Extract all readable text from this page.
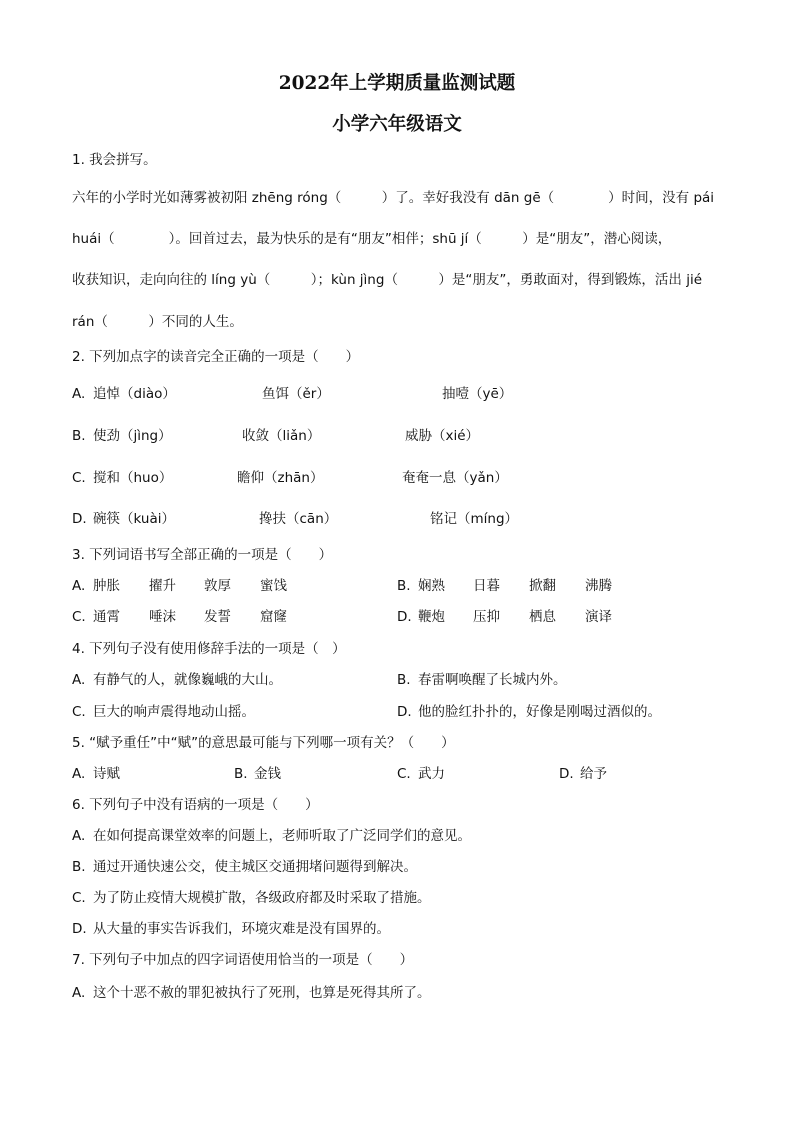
2022年上学期质量监测试题
小学六年级语文
1. 我会拼写。
六年的小学时光如薄雾被初阳 zhēng róng（　　　）了。幸好我没有 dān gē（　　　　）时间，没有 pái
huái（　　　　）。回首过去，最为快乐的是有“朋友”相伴；shū jí（　　　）是“朋友”，潜心阅读，
收获知识，走向向往的 líng yù（　　　）；kùn jìng（　　　）是“朋友”，勇敢面对，得到锻炼，活出 jié
rán（　　　）不同的人生。
2. 下列加点字的读音完全正确的一项是（　　）
A. 追悼（diào）	鱼饵（ěr）	抽噎（yē）
B. 使劲（jìng）	收敛（liǎn）	威胁（xié）
C. 搅和（huo）	瞻仰（zhān）	奄奄一息（yǎn）
D. 碗筷（kuài）	搀扶（cān）	铭记（míng）
3. 下列词语书写全部正确的一项是（　　）
A. 肿胀 擢升 敦厚 蜜饯	B. 娴熟 日暮 掀翻 沸腾
C. 通霄 唾沫 发誓 窟窿	D. 鞭炮 压抑 栖息 演译
4. 下列句子没有使用修辞手法的一项是（　）
A. 有静气的人，就像巍峨的大山。	B. 春雷啊唤醒了长城内外。
C. 巨大的响声震得地动山摇。	D. 他的脸红扑扑的，好像是刚喝过酒似的。
5. “赋予重任”中“赋”的意思最可能与下列哪一项有关？（　　）
A. 诗赋	B. 金钱	C. 武力	D. 给予
6. 下列句子中没有语病的一项是（　　）
A. 在如何提高课堂效率的问题上，老师听取了广泛同学们的意见。
B. 通过开通快速公交，使主城区交通拥堵问题得到解决。
C. 为了防止疫情大规模扩散，各级政府都及时采取了措施。
D. 从大量的事实告诉我们，环境灾难是没有国界的。
7. 下列句子中加点的四字词语使用恰当的一项是（　　）
A. 这个十恶不赦的罪犯被执行了死刑，也算是死得其所了。
